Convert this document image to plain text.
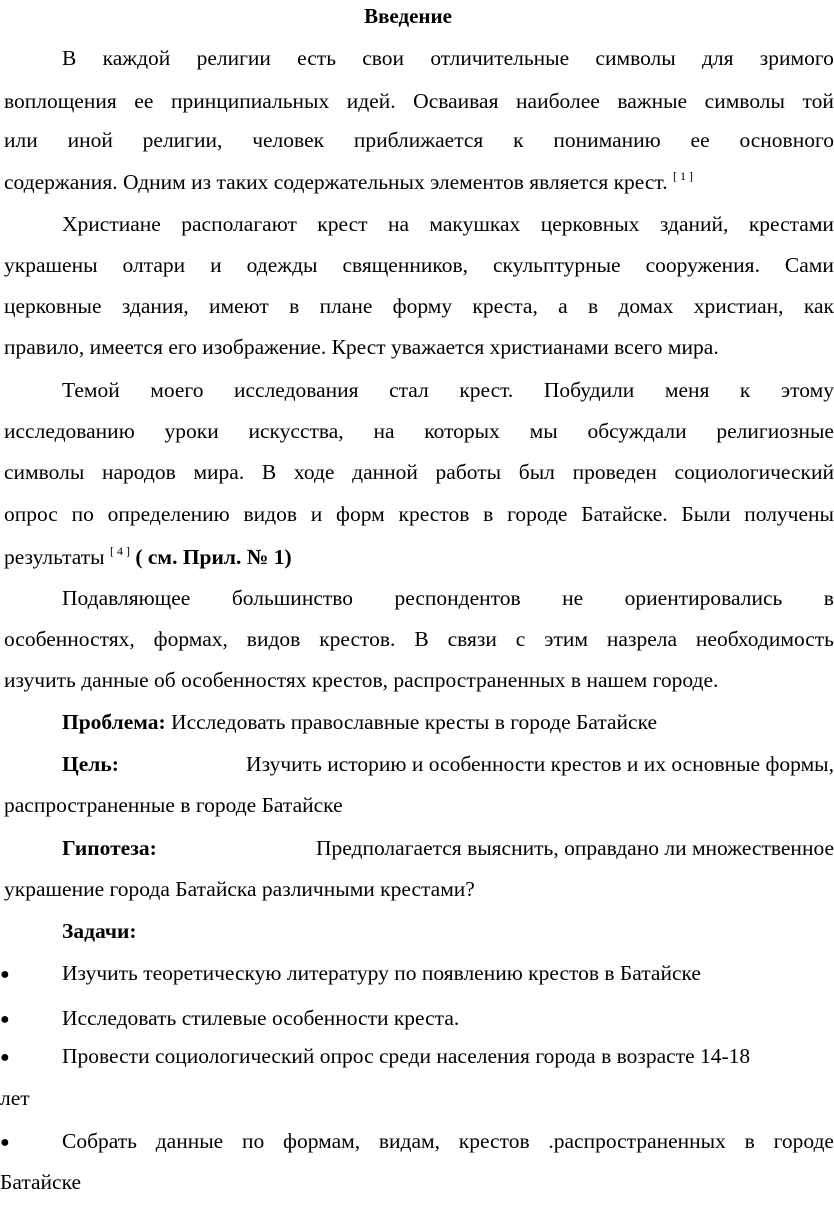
Введение
В каждой религии есть свои отличительные символы для зримого
воплощения ее принципиальных идей. Осваивая наиболее важные символы той
или иной религии, человек приближается к пониманию ее основного
содержания. Одним из таких содержательных элементов является крест. [ 1 ]
Христиане располагают крест на макушках церковных зданий, крестами
украшены олтари и одежды священников, скульптурные сооружения. Сами
церковные здания, имеют в плане форму креста, а в домах христиан, как
правило, имеется его изображение. Крест уважается христианами всего мира.
Темой моего исследования стал крест. Побудили меня к этому
исследованию уроки искусства, на которых мы обсуждали религиозные
символы народов мира. В ходе данной работы был проведен социологический
опрос по определению видов и форм крестов в городе Батайске. Были получены
результаты [ 4 ] ( см. Прил. № 1)
Подавляющее большинство респондентов не ориентировались в
особенностях, формах, видов крестов. В связи с этим назрела необходимость
изучить данные об особенностях крестов, распространенных в нашем городе.
Проблема: Исследовать православные кресты в городе Батайске
Цель:	Изучить историю и особенности крестов и их основные формы,
распространенные в городе Батайске
Гипотеза:	Предполагается выяснить, оправдано ли множественное
украшение города Батайска различными крестами?
Задачи:
● Изучить теоретическую литературу по появлению крестов в Батайске
● Исследовать стилевые особенности креста.
● Провести социологический опрос среди населения города в возрасте 14-18
лет
● Собрать данные по формам, видам, крестов .распространенных в городе
Батайске
